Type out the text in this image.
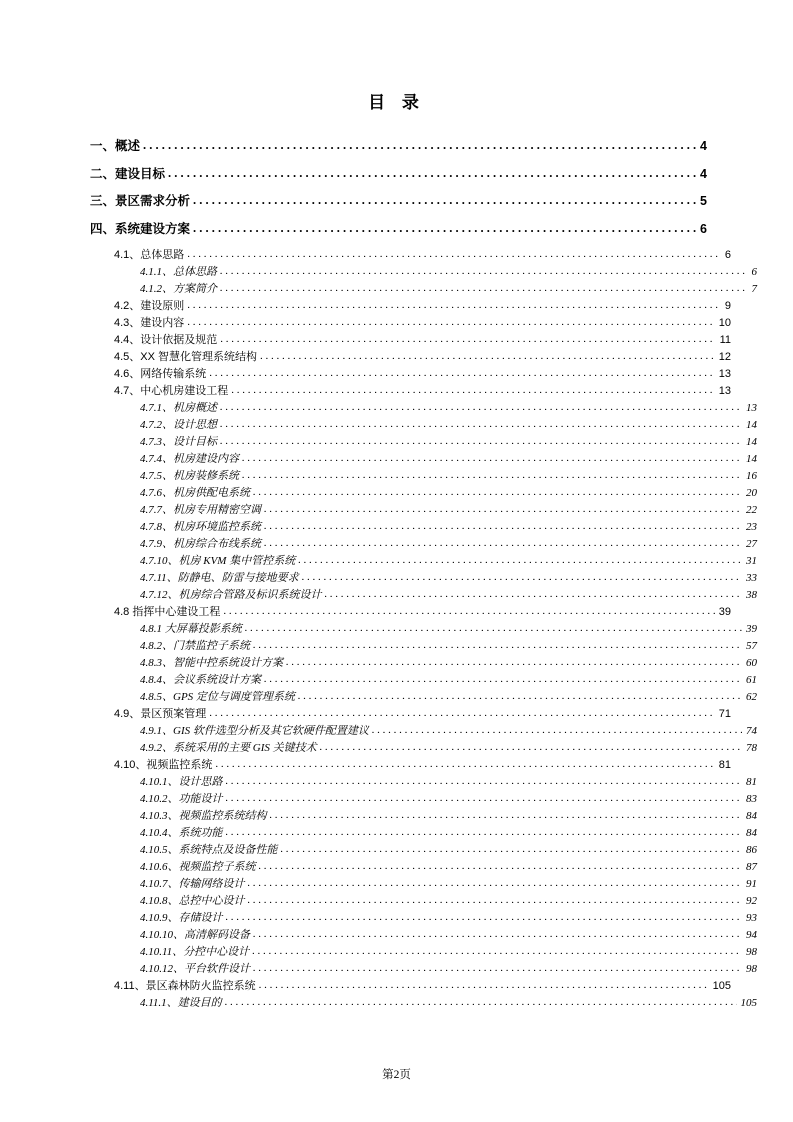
目 录
一、概述 . . .	4
二、建设目标 . . .	4
三、景区需求分析 . . .	5
四、系统建设方案 . . .	6
4.1、总体思路 . . .	6
4.1.1、总体思路 . . .	6
4.1.2、方案简介 . . .	7
4.2、建设原则 . . .	9
4.3、建设内容 . . .	10
4.4、设计依据及规范 . . .	11
4.5、XX 智慧化管理系统结构 . . .	12
4.6、网络传输系统 . . .	13
4.7、中心机房建设工程 . . .	13
4.7.1、机房概述 . . .	13
4.7.2、设计思想 . . .	14
4.7.3、设计目标 . . .	14
4.7.4、机房建设内容 . . .	14
4.7.5、机房装修系统 . . .	16
4.7.6、机房供配电系统 . . .	20
4.7.7、机房专用精密空调 . . .	22
4.7.8、机房环境监控系统 . . .	23
4.7.9、机房综合布线系统 . . .	27
4.7.10、机房 KVM 集中管控系统 . . .	31
4.7.11、防静电、防雷与接地要求 . . .	33
4.7.12、机房综合管路及标识系统设计 . . .	38
4.8 指挥中心建设工程 . . .	39
4.8.1 大屏幕投影系统 . . .	39
4.8.2、门禁监控子系统 . . .	57
4.8.3、智能中控系统设计方案 . . .	60
4.8.4、会议系统设计方案 . . .	61
4.8.5、GPS 定位与调度管理系统 . . .	62
4.9、景区预案管理 . . .	71
4.9.1、GIS 软件选型分析及其它软硬件配置建议 . . .	74
4.9.2、系统采用的主要 GIS 关键技术 . . .	78
4.10、视频监控系统 . . .	81
4.10.1、设计思路 . . .	81
4.10.2、功能设计 . . .	83
4.10.3、视频监控系统结构 . . .	84
4.10.4、系统功能 . . .	84
4.10.5、系统特点及设备性能 . . .	86
4.10.6、视频监控子系统 . . .	87
4.10.7、传输网络设计 . . .	91
4.10.8、总控中心设计 . . .	92
4.10.9、存储设计 . . .	93
4.10.10、高清解码设备 . . .	94
4.10.11、分控中心设计 . . .	98
4.10.12、平台软件设计 . . .	98
4.11、景区森林防火监控系统 . . .	105
4.11.1、建设目的 . . .	105
第2页
